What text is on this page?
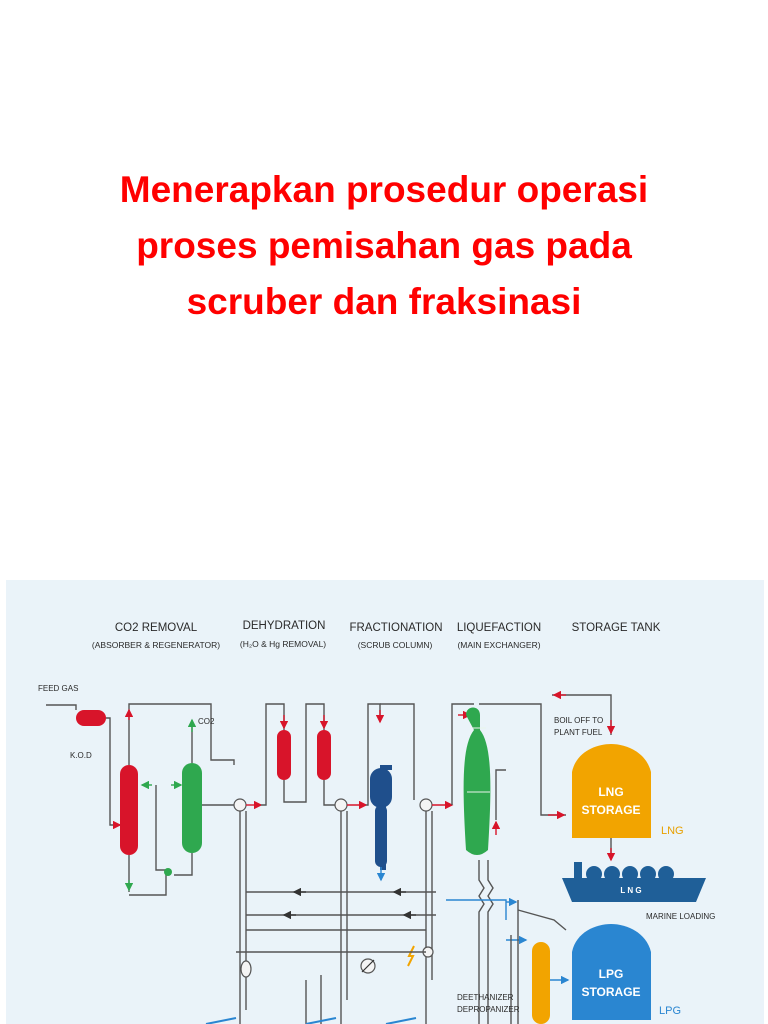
Menerapkan prosedur operasi
proses pemisahan gas pada
scruber dan fraksinasi
CO2 REMOVAL
(ABSORBER & REGENERATOR)
DEHYDRATION
(H₂O & Hg REMOVAL)
FRACTIONATION
(SCRUB COLUMN)
LIQUEFACTION
(MAIN EXCHANGER)
STORAGE TANK
FEED GAS
K.O.D
CO2	BOIL OFF TO
PLANT FUEL
LNG
STORAGE
LNG
L N G
MARINE LOADING
DEETHANIZER
DEPROPANIZER
LPG
STORAGE
LPG
